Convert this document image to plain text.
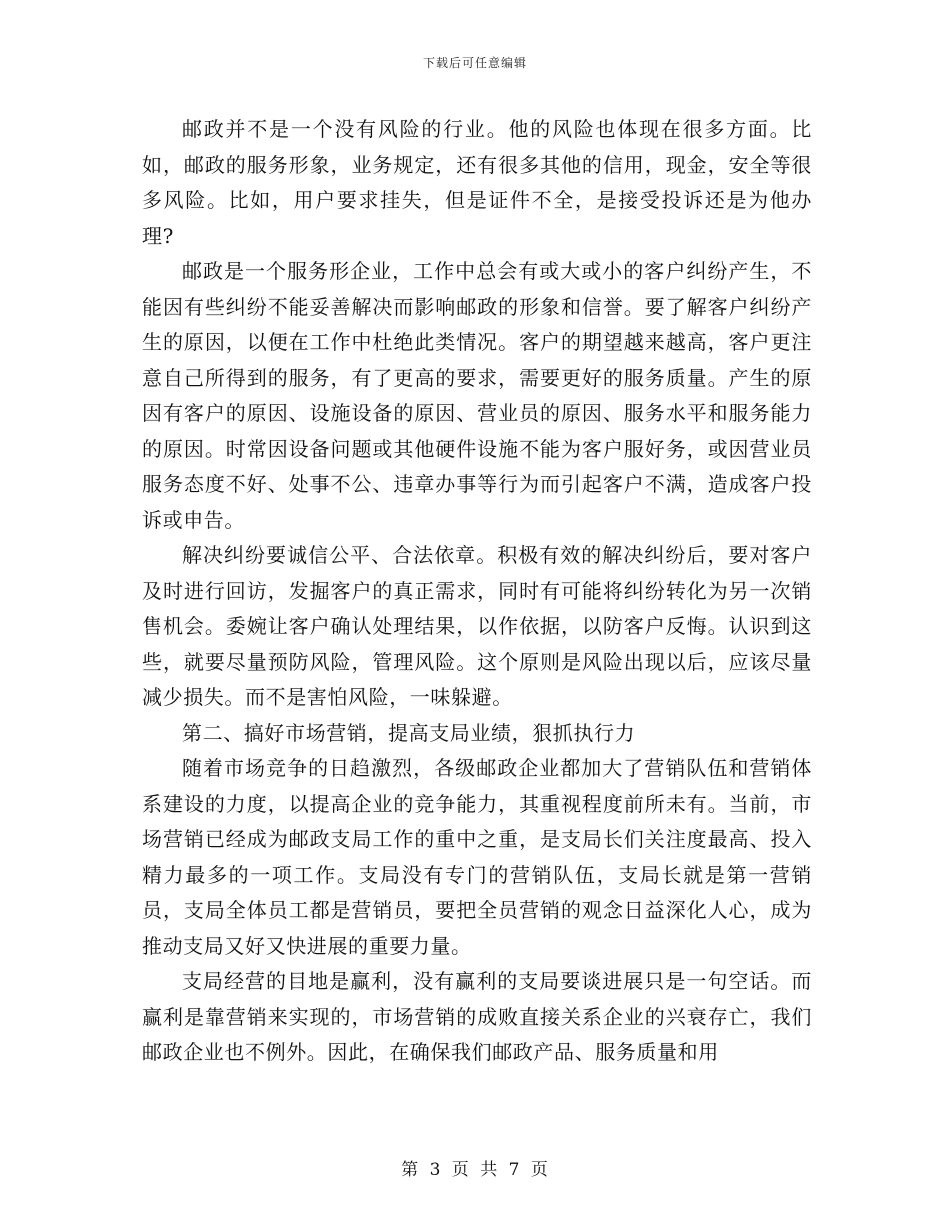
下载后可任意编辑

邮政并不是一个没有风险的行业。他的风险也体现在很多方面。比如，邮政的服务形象，业务规定，还有很多其他的信用，现金，安全等很多风险。比如，用户要求挂失，但是证件不全，是接受投诉还是为他办理?

邮政是一个服务形企业，工作中总会有或大或小的客户纠纷产生，不能因有些纠纷不能妥善解决而影响邮政的形象和信誉。要了解客户纠纷产生的原因，以便在工作中杜绝此类情况。客户的期望越来越高，客户更注意自己所得到的服务，有了更高的要求，需要更好的服务质量。产生的原因有客户的原因、设施设备的原因、营业员的原因、服务水平和服务能力的原因。时常因设备问题或其他硬件设施不能为客户服好务，或因营业员服务态度不好、处事不公、违章办事等行为而引起客户不满，造成客户投诉或申告。

解决纠纷要诚信公平、合法依章。积极有效的解决纠纷后，要对客户及时进行回访，发掘客户的真正需求，同时有可能将纠纷转化为另一次销售机会。委婉让客户确认处理结果，以作依据，以防客户反悔。认识到这些，就要尽量预防风险，管理风险。这个原则是风险出现以后，应该尽量减少损失。而不是害怕风险，一味躲避。

第二、搞好市场营销，提高支局业绩，狠抓执行力

随着市场竞争的日趋激烈，各级邮政企业都加大了营销队伍和营销体系建设的力度，以提高企业的竞争能力，其重视程度前所未有。当前，市场营销已经成为邮政支局工作的重中之重，是支局长们关注度最高、投入精力最多的一项工作。支局没有专门的营销队伍，支局长就是第一营销员，支局全体员工都是营销员，要把全员营销的观念日益深化人心，成为推动支局又好又快进展的重要力量。

支局经营的目地是赢利，没有赢利的支局要谈进展只是一句空话。而赢利是靠营销来实现的，市场营销的成败直接关系企业的兴衰存亡，我们邮政企业也不例外。因此，在确保我们邮政产品、服务质量和用

第 3 页 共 7 页
